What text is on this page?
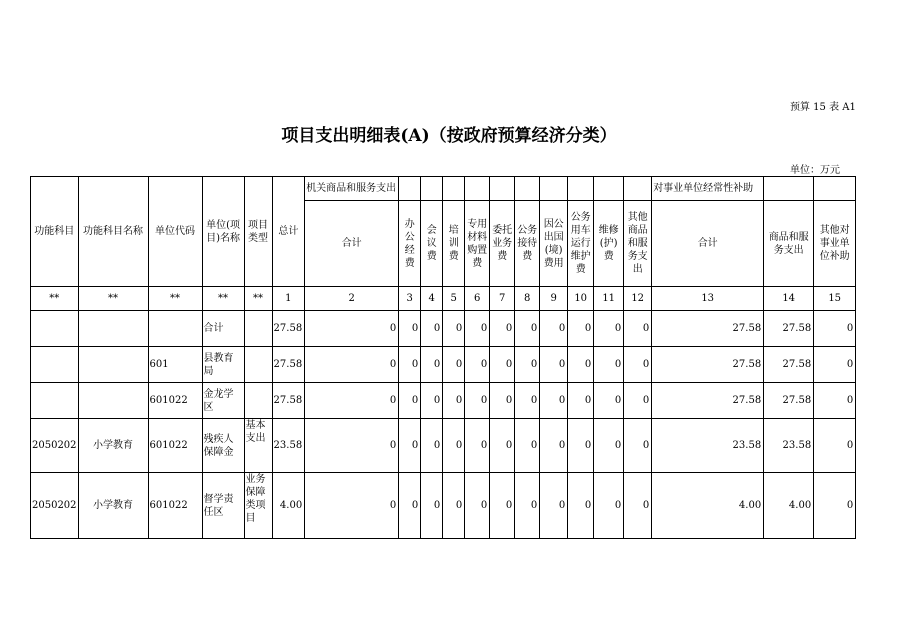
预算 15 表 A1
项目支出明细表(A)（按政府预算经济分类）
单位：万元
功能科目	功能科目名称	单位代码	单位(项目)名称	项目类型	总计	机关商品和服务支出											对事业单位经常性补助		
						合计	办公经费	会议费	培训费	专用材料购置费	委托业务费	公务接待费	因公出国(境)费用	公务用车运行维护费	维修(护)费	其他商品和服务支出	合计	商品和服务支出	其他对事业单位补助
**	**	**	**	**	1	2	3	4	5	6	7	8	9	10	11	12	13	14	15
			合计		27.58	0	0	0	0	0	0	0	0	0	0	0	27.58	27.58	0
		601	县教育局		27.58	0	0	0	0	0	0	0	0	0	0	0	27.58	27.58	0
		601022	金龙学区		27.58	0	0	0	0	0	0	0	0	0	0	0	27.58	27.58	0
2050202	小学教育	601022	残疾人保障金	基本支出	23.58	0	0	0	0	0	0	0	0	0	0	0	23.58	23.58	0
2050202	小学教育	601022	督学责任区	业务保障类项目	4.00	0	0	0	0	0	0	0	0	0	0	0	4.00	4.00	0
